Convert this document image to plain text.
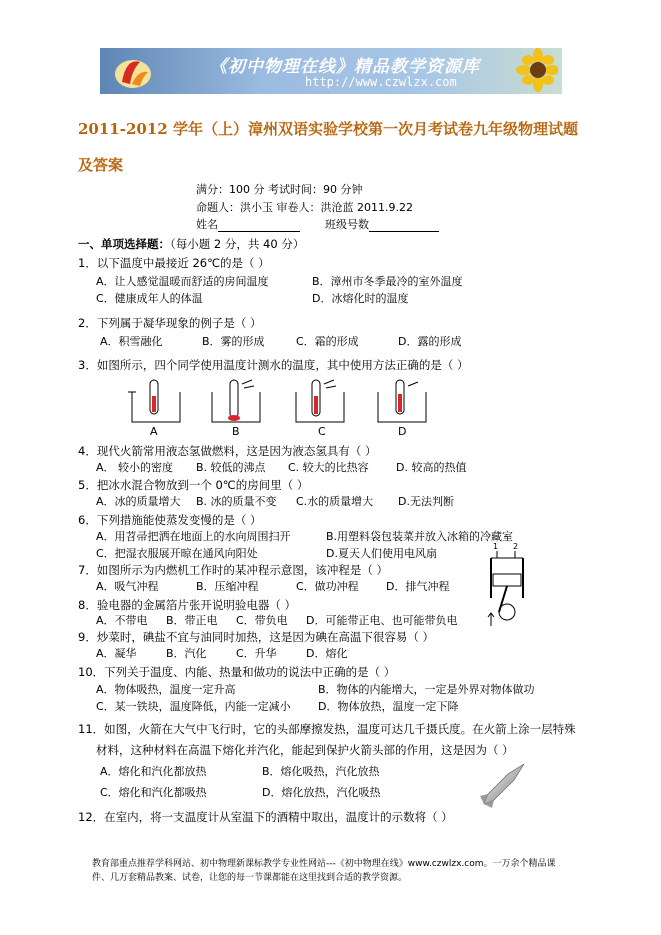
《初中物理在线》精品教学资源库
http://www.czwlzx.com
2011-2012 学年（上）漳州双语实验学校第一次月考试卷九年级物理试题
及答案
满分：100 分 考试时间：90 分钟
命题人：洪小玉 审卷人：洪沧蓝 2011.9.22
姓名	班级号数
一、单项选择题：（每小题 2 分，共 40 分）
1．以下温度中最接近 26℃的是（ ）
A．让人感觉温暖而舒适的房间温度	B．漳州市冬季最冷的室外温度
C．健康成年人的体温	D．冰熔化时的温度
2．下列属于凝华现象的例子是（ ）
A．积雪融化	B．雾的形成	C．霜的形成	D．露的形成
3．如图所示，四个同学使用温度计测水的温度，其中使用方法正确的是（ ）
A	B	C	D
4．现代火箭常用液态氢做燃料，这是因为液态氢具有（ ）
A． 较小的密度 B. 较低的沸点 C. 较大的比热容 D. 较高的热值
5．把冰水混合物放到一个 0℃的房间里（ ）
A．冰的质量增大 B. 冰的质量不变 C.水的质量增大 D.无法判断
6．下列措施能使蒸发变慢的是（ ）
A．用苕帚把洒在地面上的水向周围扫开	B.用塑料袋包装菜并放入冰箱的冷藏室
C．把湿衣服展开晾在通风向阳处	D.夏天人们使用电风扇
1 2
7．如图所示为内燃机工作时的某冲程示意图，该冲程是（ ）
A．吸气冲程	B．压缩冲程	C．做功冲程 D．排气冲程
8．验电器的金属箔片张开说明验电器（ ）
A．不带电 B．带正电 C．带负电 D．可能带正电、也可能带负电
9．炒菜时，碘盐不宜与油同时加热，这是因为碘在高温下很容易（ ）
A．凝华	B．汽化	C．升华	D．熔化
10．下列关于温度、内能、热量和做功的说法中正确的是（ ）
A．物体吸热，温度一定升高	B．物体的内能增大，一定是外界对物体做功
C．某一铁块，温度降低，内能一定减小 D．物体放热，温度一定下降
11．如图，火箭在大气中飞行时，它的头部摩擦发热，温度可达几千摄氏度。在火箭上涂一层特殊
材料，这种材料在高温下熔化并汽化，能起到保护火箭头部的作用，这是因为（ ）
A．熔化和汽化都放热	B．熔化吸热，汽化放热
C．熔化和汽化都吸热	D．熔化放热，汽化吸热
12．在室内，将一支温度计从室温下的酒精中取出，温度计的示数将（ ）
教育部重点推荐学科网站、初中物理新课标教学专业性网站---《初中物理在线》www.czwlzx.com。一万余个精品课
件、几万套精品教案、试卷，让您的每一节课都能在这里找到合适的教学资源。
